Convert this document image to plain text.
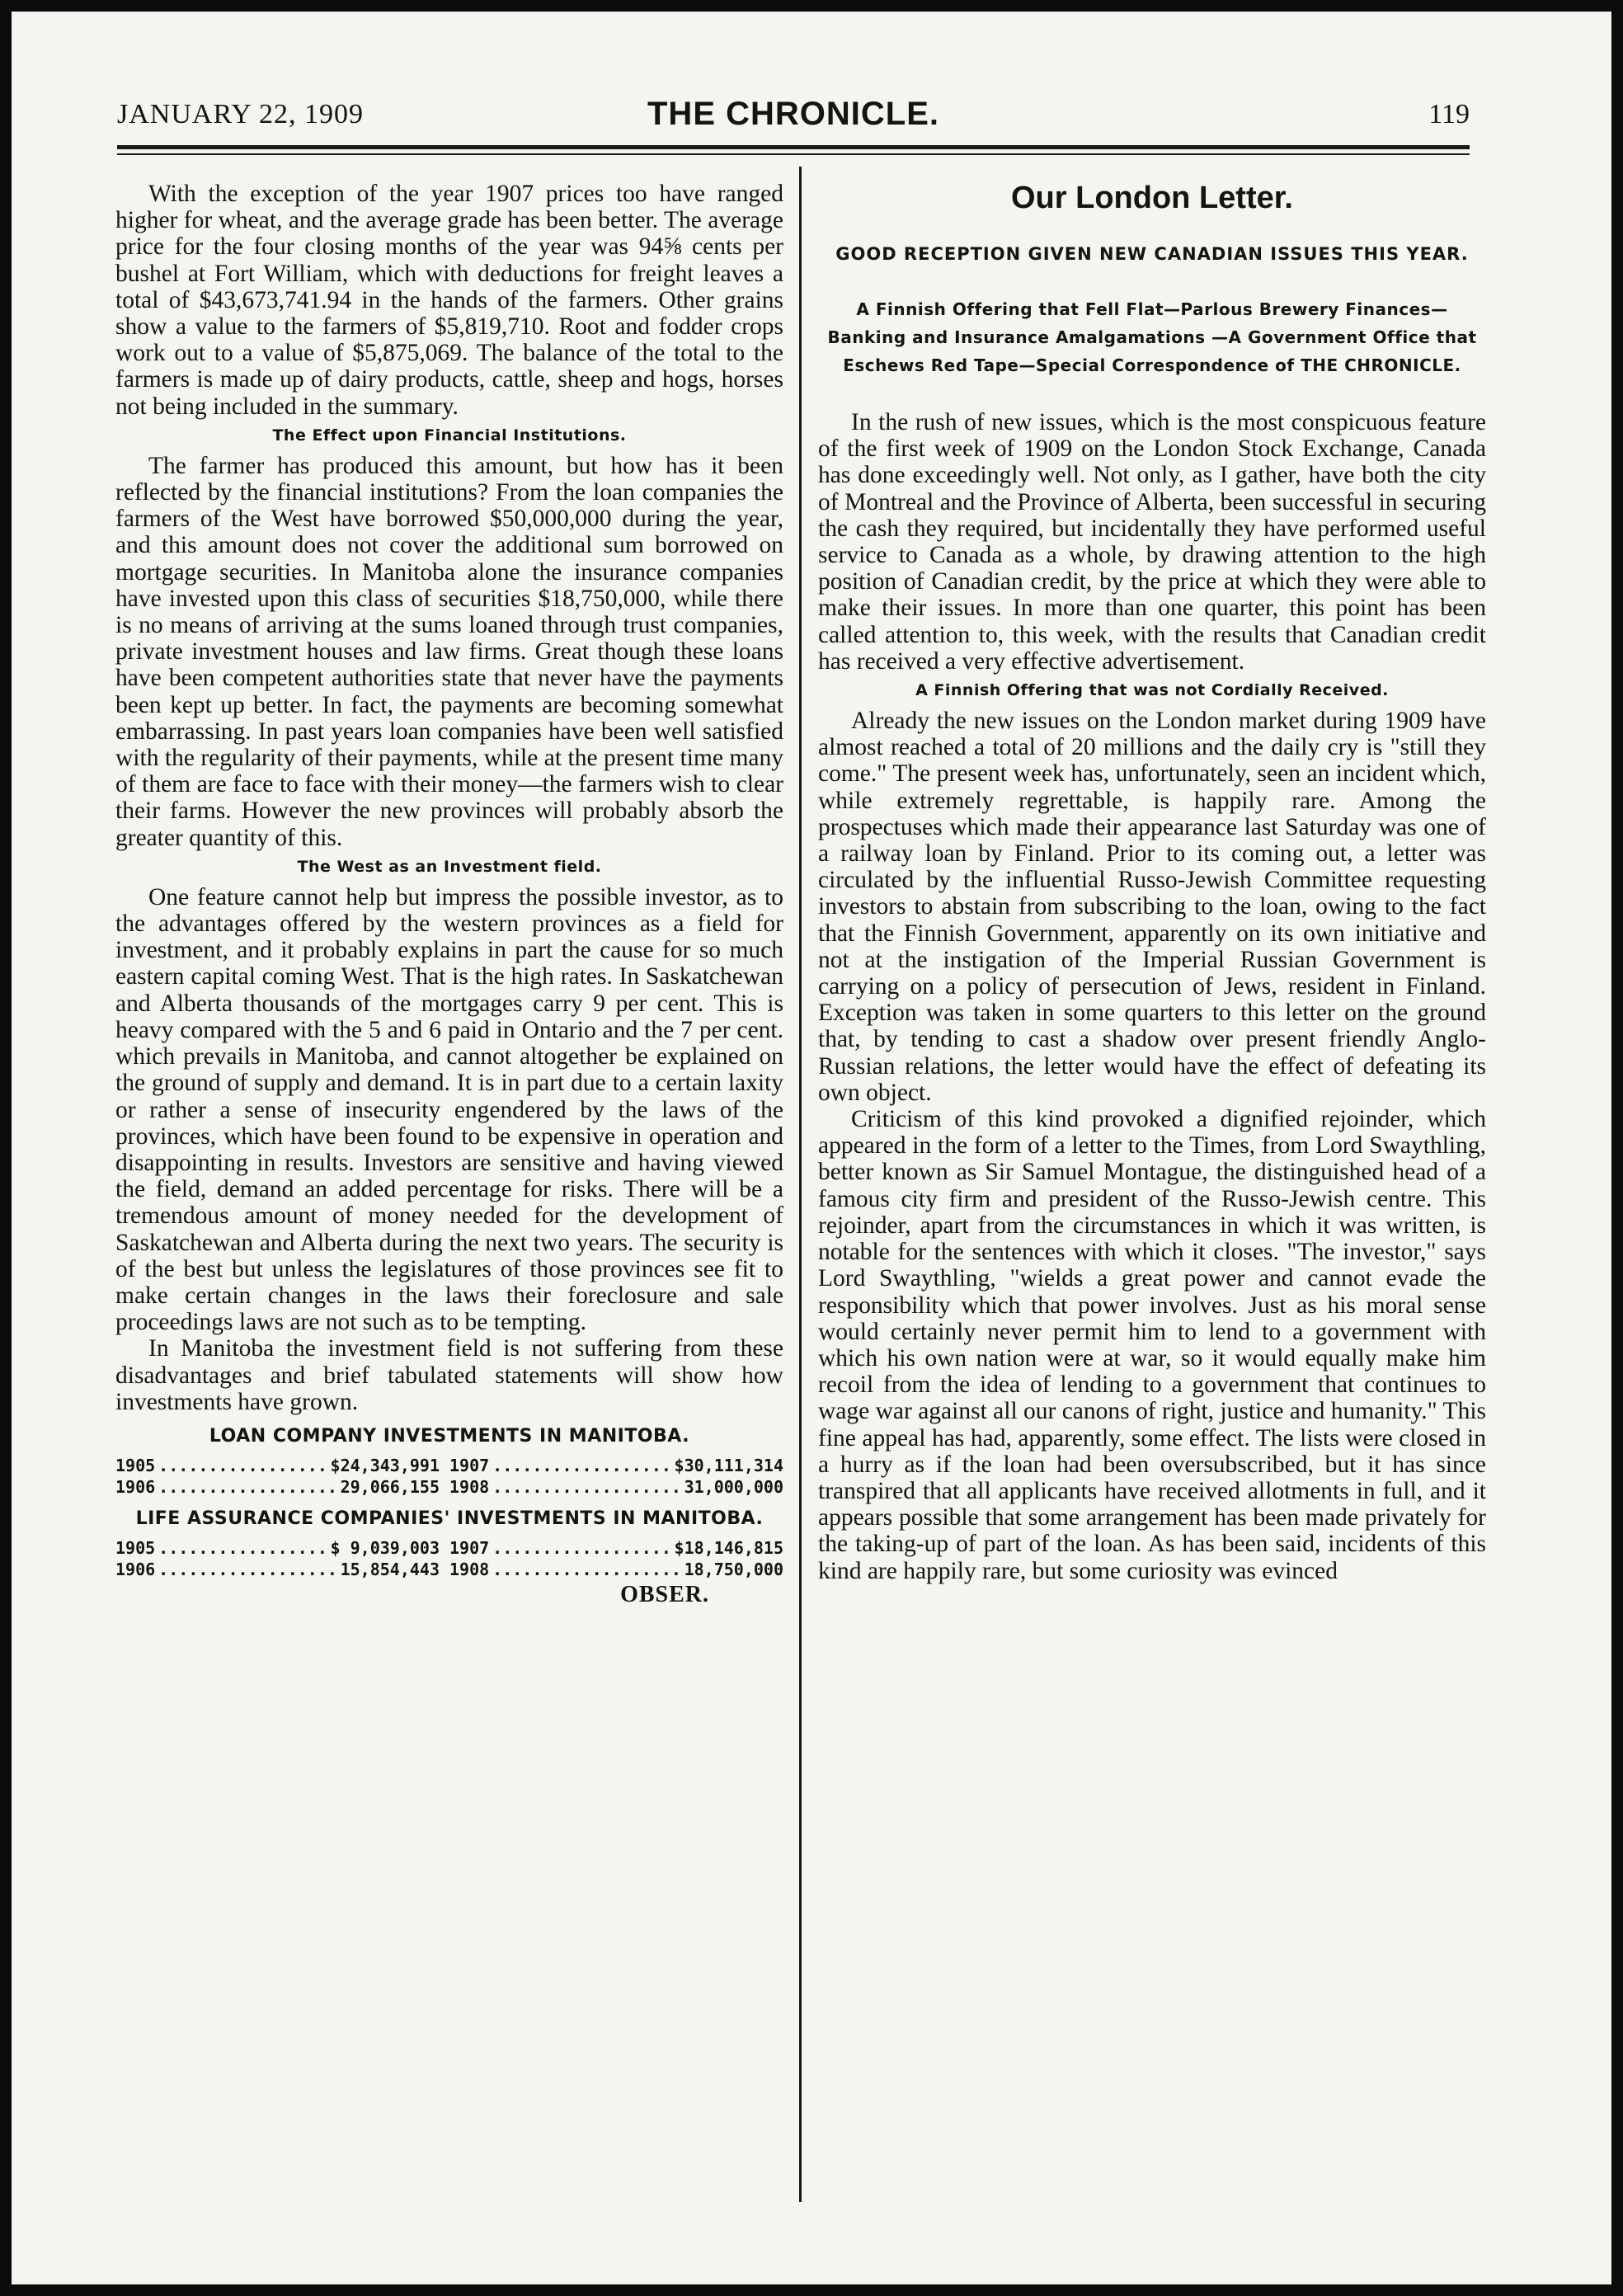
JANUARY 22, 1909	THE CHRONICLE.	119

With the exception of the year 1907 prices too have ranged higher for wheat, and the average grade has been better. The average price for the four closing months of the year was 94⅝ cents per bushel at Fort William, which with deductions for freight leaves a total of $43,673,741.94 in the hands of the farmers. Other grains show a value to the farmers of $5,819,710. Root and fodder crops work out to a value of $5,875,069. The balance of the total to the farmers is made up of dairy products, cattle, sheep and hogs, horses not being included in the summary.

The Effect upon Financial Institutions.

The farmer has produced this amount, but how has it been reflected by the financial institutions? From the loan companies the farmers of the West have borrowed $50,000,000 during the year, and this amount does not cover the additional sum borrowed on mortgage securities. In Manitoba alone the insurance companies have invested upon this class of securities $18,750,000, while there is no means of arriving at the sums loaned through trust companies, private investment houses and law firms. Great though these loans have been competent authorities state that never have the payments been kept up better. In fact, the payments are becoming somewhat embarrassing. In past years loan companies have been well satisfied with the regularity of their payments, while at the present time many of them are face to face with their money—the farmers wish to clear their farms. However the new provinces will probably absorb the greater quantity of this.

The West as an Investment field.

One feature cannot help but impress the possible investor, as to the advantages offered by the western provinces as a field for investment, and it probably explains in part the cause for so much eastern capital coming West. That is the high rates. In Saskatchewan and Alberta thousands of the mortgages carry 9 per cent. This is heavy compared with the 5 and 6 paid in Ontario and the 7 per cent. which prevails in Manitoba, and cannot altogether be explained on the ground of supply and demand. It is in part due to a certain laxity or rather a sense of insecurity engendered by the laws of the provinces, which have been found to be expensive in operation and disappointing in results. Investors are sensitive and having viewed the field, demand an added percentage for risks. There will be a tremendous amount of money needed for the development of Saskatchewan and Alberta during the next two years. The security is of the best but unless the legislatures of those provinces see fit to make certain changes in the laws their foreclosure and sale proceedings laws are not such as to be tempting.

In Manitoba the investment field is not suffering from these disadvantages and brief tabulated statements will show how investments have grown.

LOAN COMPANY INVESTMENTS IN MANITOBA.
1905 .....	$24,343,991 1907 .....	$30,111,314
1906 .....	29,066,155 1908 .....	31,000,000
LIFE ASSURANCE COMPANIES' INVESTMENTS IN MANITOBA.
1905 .....	$ 9,039,003 1907 .....	$18,146,815
1906 .....	15,854,443 1908 .....	18,750,000
OBSER.
Our London Letter.
GOOD RECEPTION GIVEN NEW CANADIAN ISSUES THIS YEAR.
A Finnish Offering that Fell Flat—Parlous Brewery Finances—Banking and Insurance Amalgamations —A Government Office that Eschews Red Tape—Special Correspondence of THE CHRONICLE.

In the rush of new issues, which is the most conspicuous feature of the first week of 1909 on the London Stock Exchange, Canada has done exceedingly well. Not only, as I gather, have both the city of Montreal and the Province of Alberta, been successful in securing the cash they required, but incidentally they have performed useful service to Canada as a whole, by drawing attention to the high position of Canadian credit, by the price at which they were able to make their issues. In more than one quarter, this point has been called attention to, this week, with the results that Canadian credit has received a very effective advertisement.

A Finnish Offering that was not Cordially Received.

Already the new issues on the London market during 1909 have almost reached a total of 20 millions and the daily cry is "still they come." The present week has, unfortunately, seen an incident which, while extremely regrettable, is happily rare. Among the prospectuses which made their appearance last Saturday was one of a railway loan by Finland. Prior to its coming out, a letter was circulated by the influential Russo-Jewish Committee requesting investors to abstain from subscribing to the loan, owing to the fact that the Finnish Government, apparently on its own initiative and not at the instigation of the Imperial Russian Government is carrying on a policy of persecution of Jews, resident in Finland. Exception was taken in some quarters to this letter on the ground that, by tending to cast a shadow over present friendly Anglo-Russian relations, the letter would have the effect of defeating its own object.

Criticism of this kind provoked a dignified rejoinder, which appeared in the form of a letter to the Times, from Lord Swaythling, better known as Sir Samuel Montague, the distinguished head of a famous city firm and president of the Russo-Jewish centre. This rejoinder, apart from the circumstances in which it was written, is notable for the sentences with which it closes. "The investor," says Lord Swaythling, "wields a great power and cannot evade the responsibility which that power involves. Just as his moral sense would certainly never permit him to lend to a government with which his own nation were at war, so it would equally make him recoil from the idea of lending to a government that continues to wage war against all our canons of right, justice and humanity." This fine appeal has had, apparently, some effect. The lists were closed in a hurry as if the loan had been oversubscribed, but it has since transpired that all applicants have received allotments in full, and it appears possible that some arrangement has been made privately for the taking-up of part of the loan. As has been said, incidents of this kind are happily rare, but some curiosity was evinced
